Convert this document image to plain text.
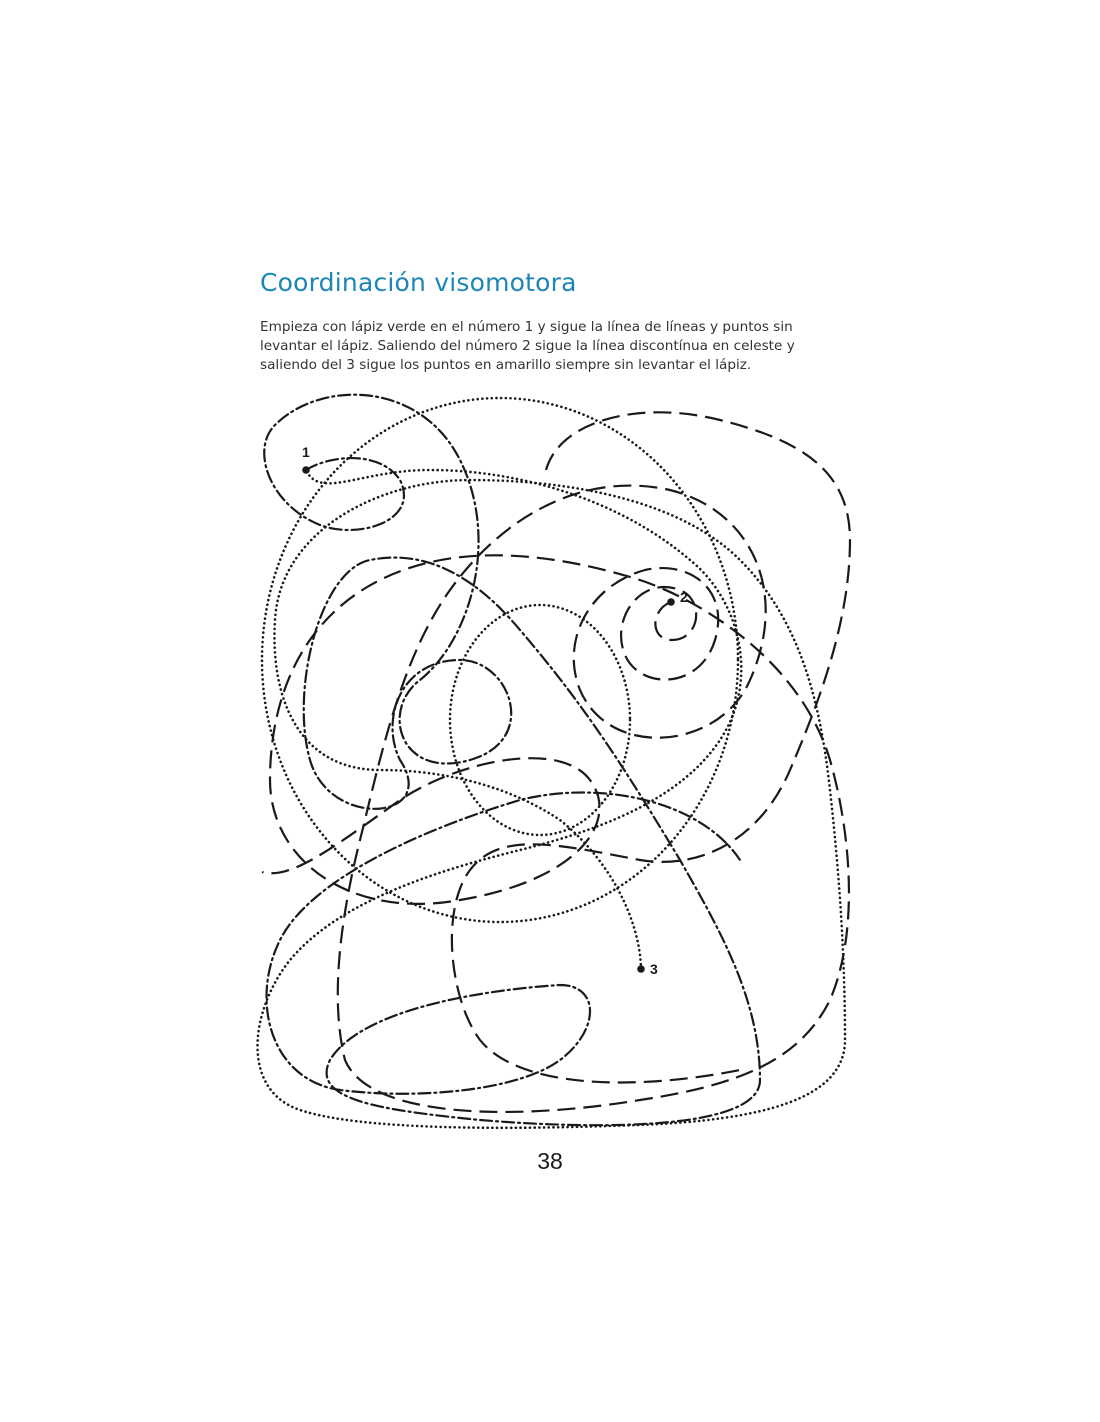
Coordinación visomotora

Empieza con lápiz verde en el número 1 y sigue la línea de líneas y puntos sin levantar el lápiz. Saliendo del número 2 sigue la línea discontínua en celeste y saliendo del 3 sigue los puntos en amarillo siempre sin levantar el lápiz.

1
2
3
38
